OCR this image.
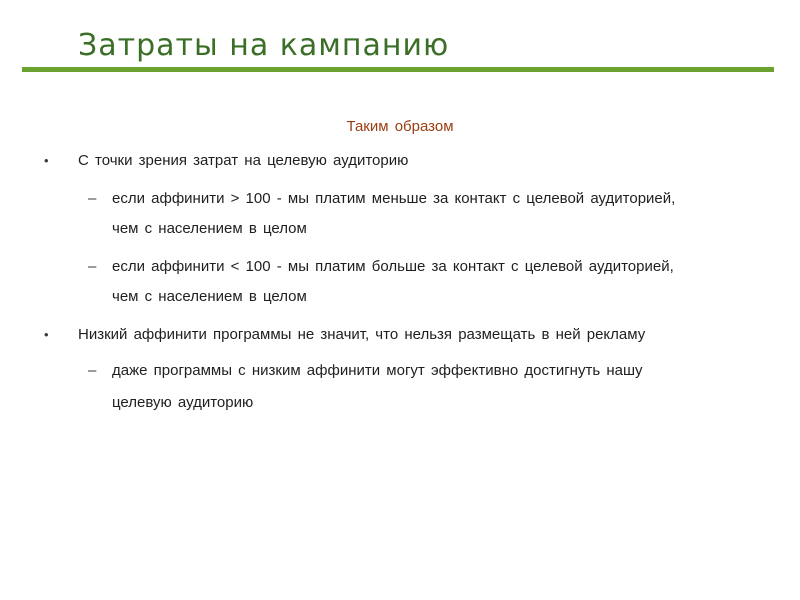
Затраты на кампанию
Таким образом
• С точки зрения затрат на целевую аудиторию
– если аффинити > 100 - мы платим меньше за контакт с целевой аудиторией,
чем с населением в целом
– если аффинити < 100 - мы платим больше за контакт с целевой аудиторией,
чем с населением в целом
• Низкий аффинити программы не значит, что нельзя размещать в ней рекламу
– даже программы с низким аффинити могут эффективно достигнуть нашу
целевую аудиторию
